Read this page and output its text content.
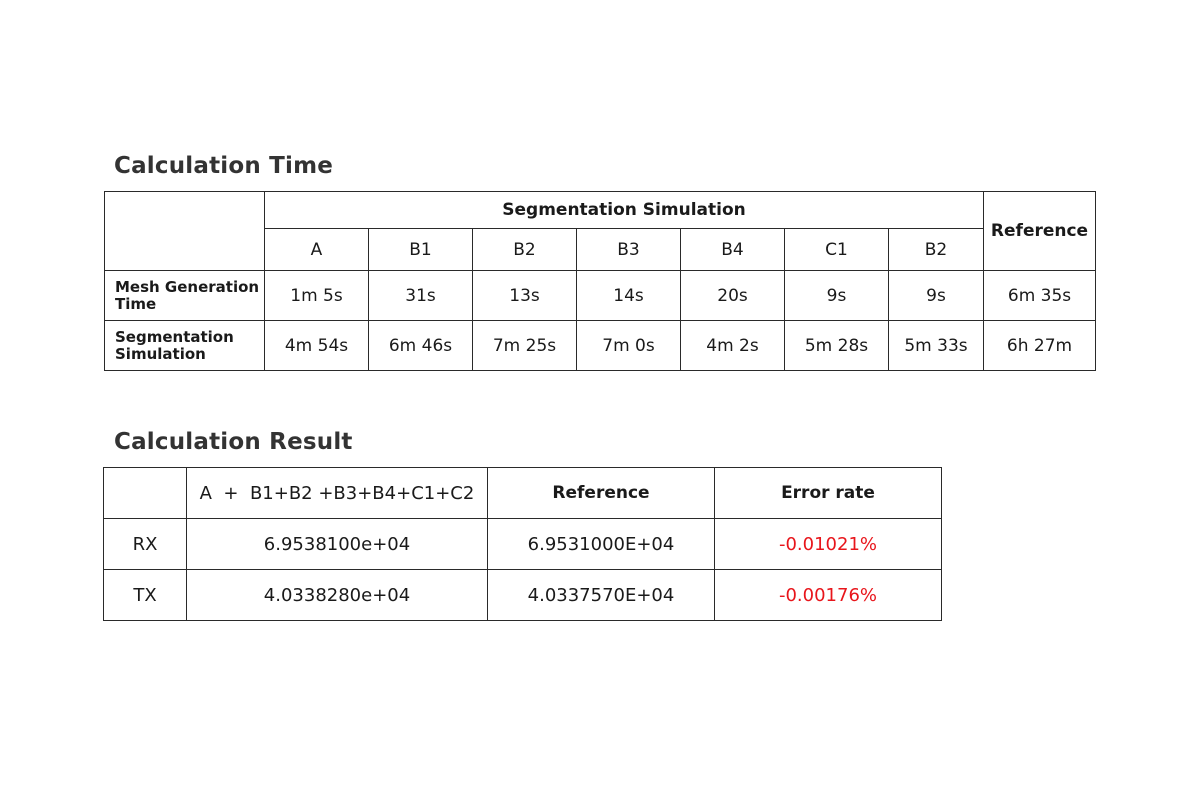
Calculation Time
	Segmentation Simulation							Reference
	A	B1	B2	B3	B4	C1	B2	
Mesh Generation Time	1m 5s	31s	13s	14s	20s	9s	9s	6m 35s
Segmentation Simulation	4m 54s	6m 46s	7m 25s	7m 0s	4m 2s	5m 28s	5m 33s	6h 27m
Calculation Result
	A  +  B1+B2 +B3+B4+C1+C2	Reference	Error rate
RX	6.9538100e+04	6.9531000E+04	-0.01021%
TX	4.0338280e+04	4.0337570E+04	-0.00176%
